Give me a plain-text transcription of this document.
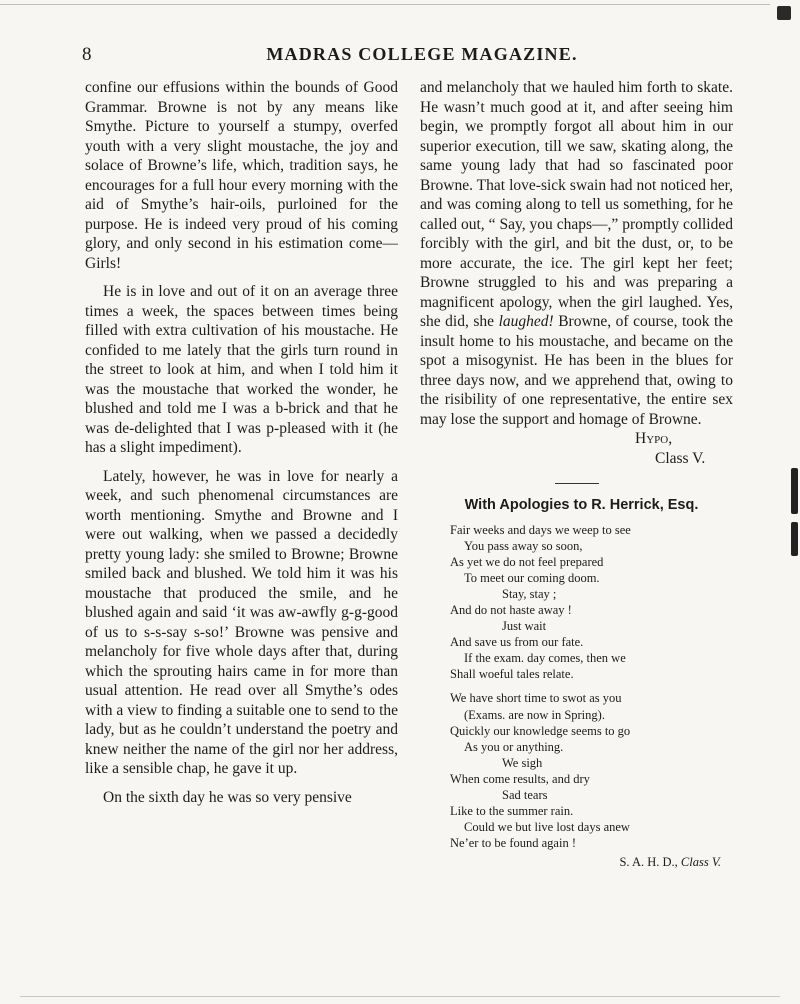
8	MADRAS COLLEGE MAGAZINE.

confine our effusions within the bounds of Good Grammar. Browne is not by any means like Smythe. Picture to yourself a stumpy, overfed youth with a very slight moustache, the joy and solace of Browne’s life, which, tradition says, he encourages for a full hour every morning with the aid of Smythe’s hair-oils, purloined for the purpose. He is indeed very proud of his coming glory, and only second in his estimation come—Girls!

He is in love and out of it on an average three times a week, the spaces between times being filled with extra cultivation of his moustache. He confided to me lately that the girls turn round in the street to look at him, and when I told him it was the moustache that worked the wonder, he blushed and told me I was a b-brick and that he was de-delighted that I was p-pleased with it (he has a slight impediment).

Lately, however, he was in love for nearly a week, and such phenomenal circumstances are worth mentioning. Smythe and Browne and I were out walking, when we passed a decidedly pretty young lady: she smiled to Browne; Browne smiled back and blushed. We told him it was his moustache that produced the smile, and he blushed again and said ‘it was aw-awfly g-g-good of us to s-s-say s-so!’ Browne was pensive and melancholy for five whole days after that, during which the sprouting hairs came in for more than usual attention. He read over all Smythe’s odes with a view to finding a suitable one to send to the lady, but as he couldn’t understand the poetry and knew neither the name of the girl nor her address, like a sensible chap, he gave it up.

On the sixth day he was so very pensive

and melancholy that we hauled him forth to skate. He wasn’t much good at it, and after seeing him begin, we promptly forgot all about him in our superior execution, till we saw, skating along, the same young lady that had so fascinated poor Browne. That love-sick swain had not noticed her, and was coming along to tell us something, for he called out, “ Say, you chaps—,” promptly collided forcibly with the girl, and bit the dust, or, to be more accurate, the ice. The girl kept her feet; Browne struggled to his and was preparing a magnificent apology, when the girl laughed. Yes, she did, she laughed! Browne, of course, took the insult home to his moustache, and became on the spot a misogynist. He has been in the blues for three days now, and we apprehend that, owing to the risibility of one representative, the entire sex may lose the support and homage of Browne.

Hypo,
Class V.

With Apologies to R. Herrick, Esq.
Fair weeks and days we weep to see
You pass away so soon,
As yet we do not feel prepared
To meet our coming doom.
Stay, stay ;
And do not haste away !
Just wait
And save us from our fate.
If the exam. day comes, then we
Shall woeful tales relate.
We have short time to swot as you
(Exams. are now in Spring).
Quickly our knowledge seems to go
As you or anything.
We sigh
When come results, and dry
Sad tears
Like to the summer rain.
Could we but live lost days anew
Ne’er to be found again !
S. A. H. D., Class V.
